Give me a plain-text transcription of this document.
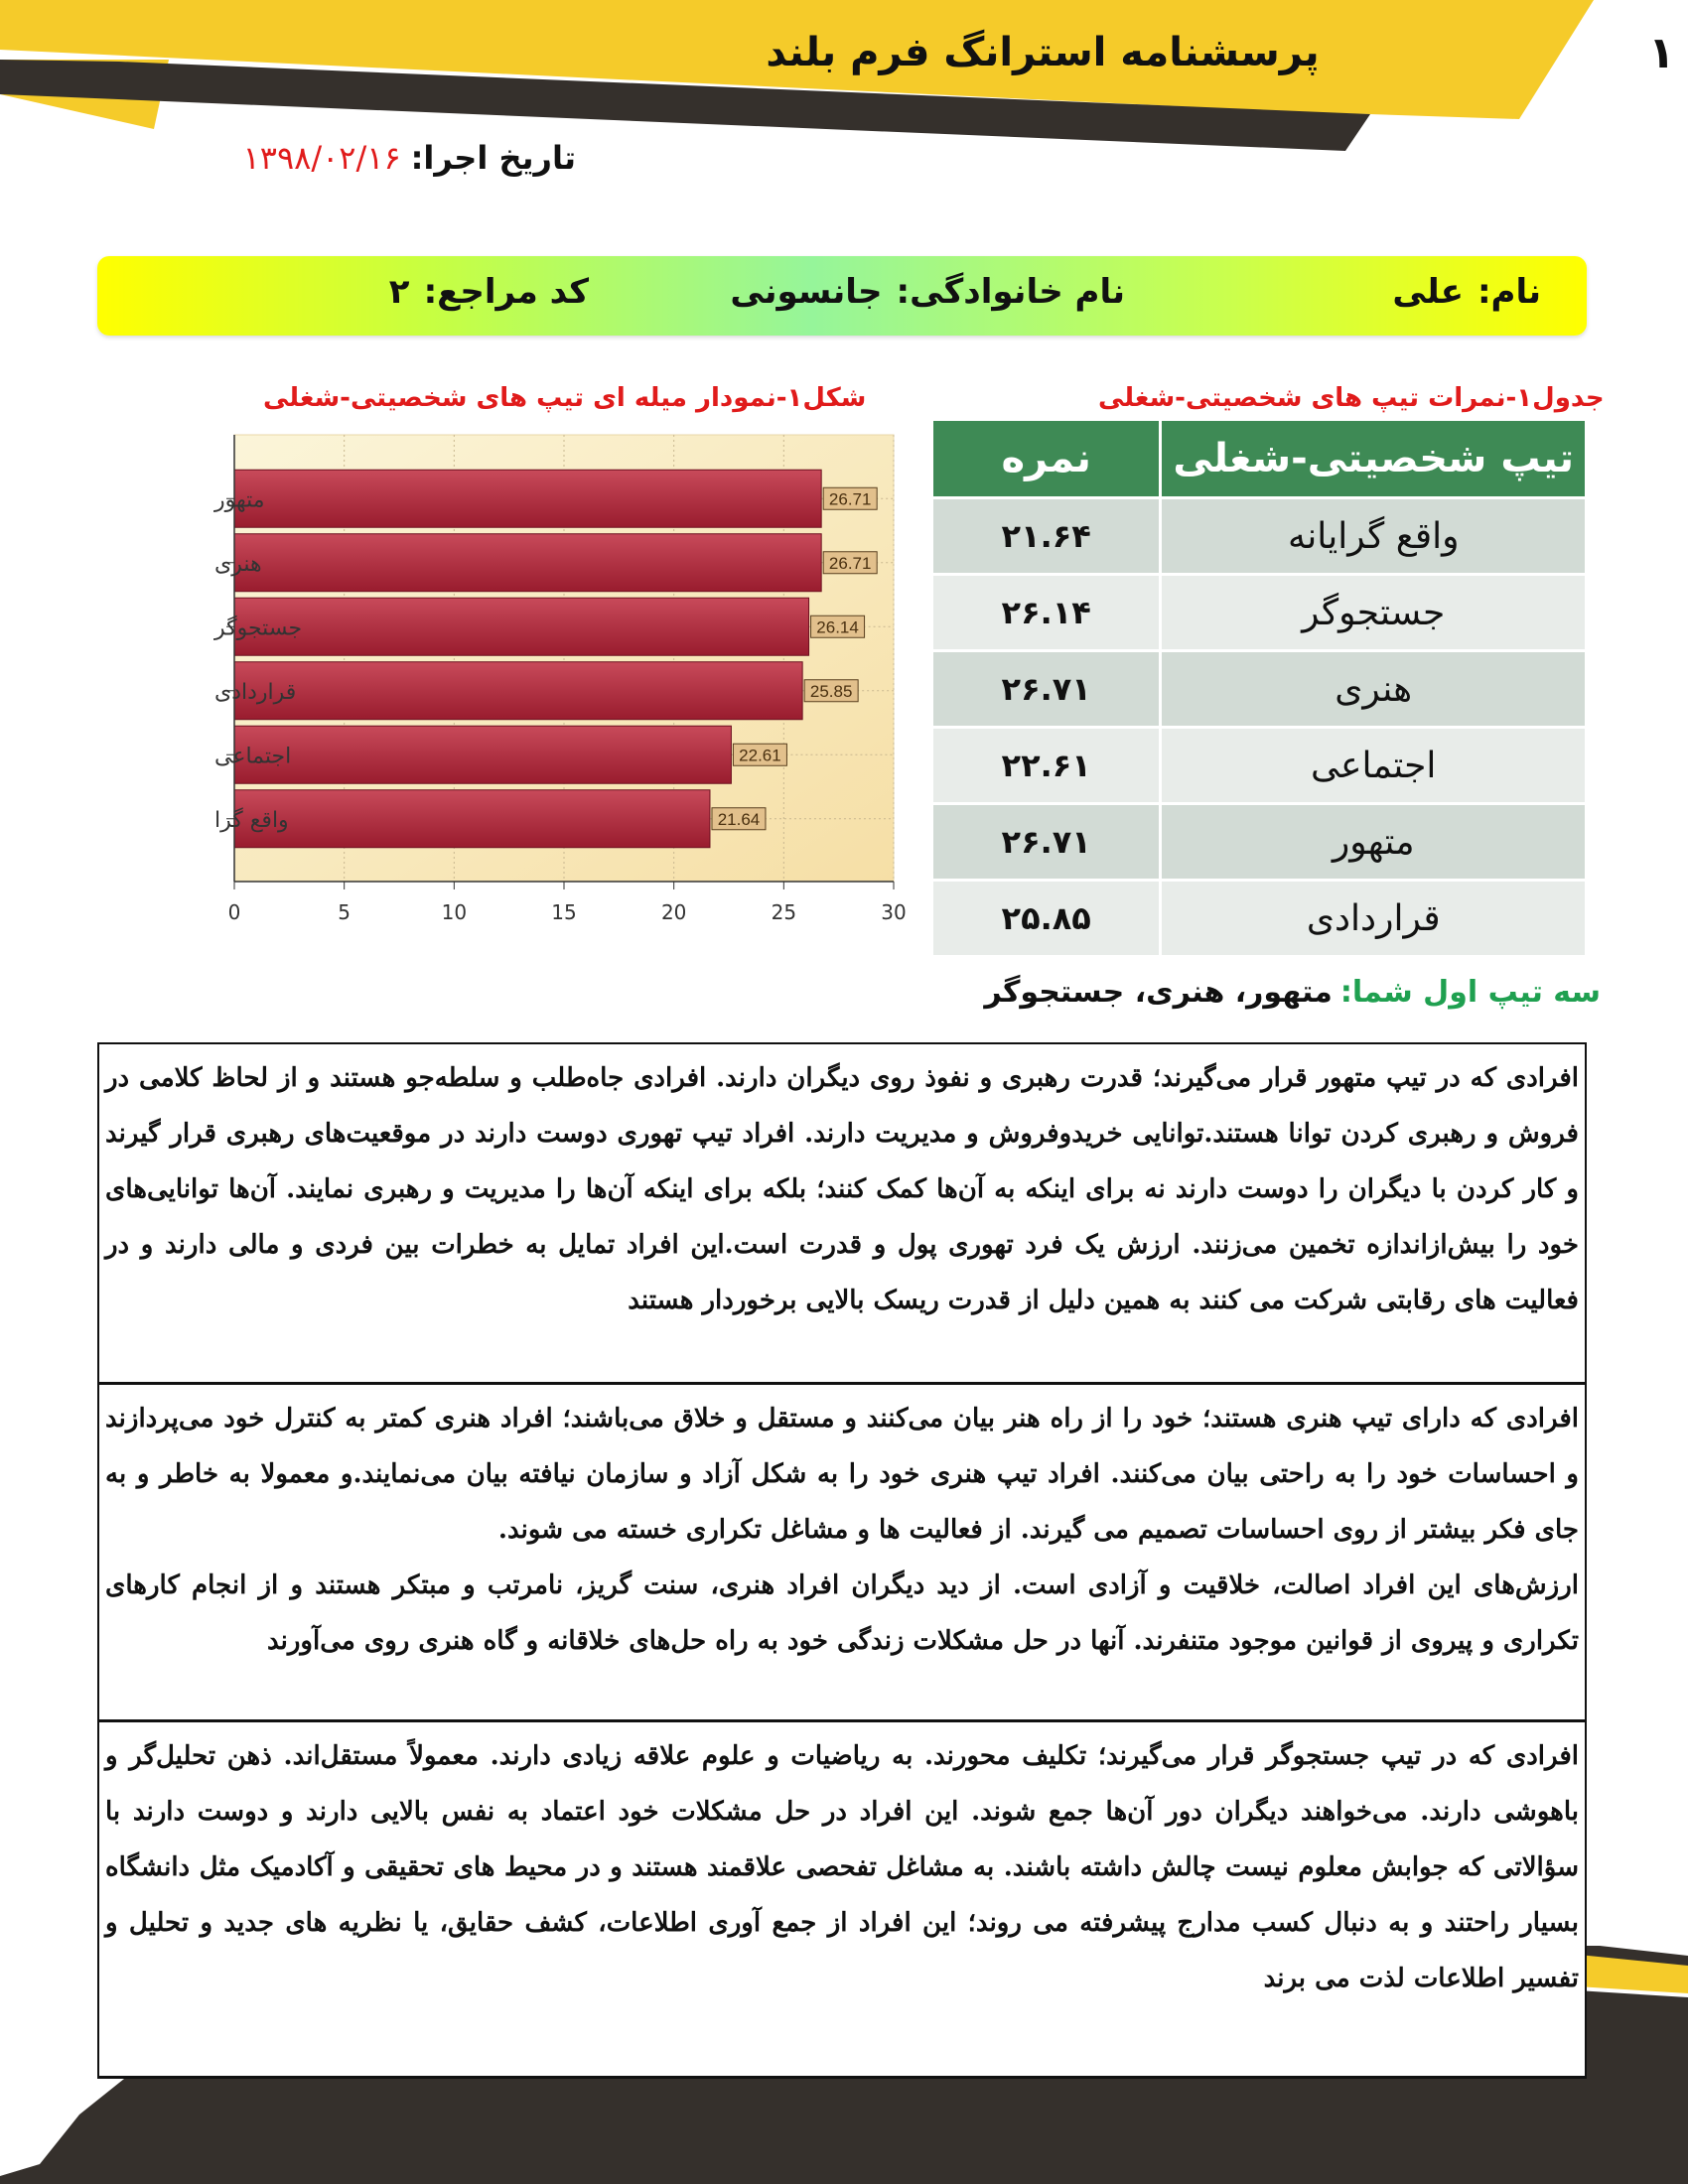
۱
پرسشنامه استرانگ فرم بلند
تاریخ اجرا:۱۳۹۸/۰۲/۱۶
نام:علی
نام خانوادگی:جانسونی
کد مراجع:۲
شکل۱-نمودار میله ای تیپ های شخصیتی-شغلی
26.71
26.71
26.14
25.85
22.61
21.64
0	5	10	15	20	25	30
متهور
هنری
جستجوگر
قراردادی
اجتماعی
واقع گرا
جدول۱-نمرات تیپ های شخصیتی-شغلی
تیپ شخصیتی-شغلی	نمره
واقع گرایانه	۲۱.۶۴
جستجوگر	۲۶.۱۴
هنری	۲۶.۷۱
اجتماعی	۲۲.۶۱
متهور	۲۶.۷۱
قراردادی	۲۵.۸۵
سه تیپ اول شما:متهور، هنری، جستجوگر
افرادی که در تیپ متهور قرار می‌گیرند؛ قدرت رهبری و نفوذ روی دیگران دارند. افرادی جاه‌طلب و سلطه‌جو هستند و از لحاظ کلامی در فروش و رهبری کردن توانا هستند.توانایی خریدوفروش و مدیریت دارند. افراد تیپ تهوری دوست دارند در موقعیت‌های رهبری قرار گیرند و کار کردن با دیگران را دوست دارند نه برای اینکه به آن‌ها کمک کنند؛ بلکه برای اینکه آن‌ها را مدیریت و رهبری نمایند. آن‌ها توانایی‌های خود را بیش‌ازاندازه تخمین می‌زنند. ارزش یک فرد تهوری پول و قدرت است.این افراد تمایل به خطرات بین فردی و مالی دارند و در فعالیت های رقابتی شرکت می کنند به همین دلیل از قدرت ریسک بالایی برخوردار هستند
افرادی که دارای تیپ هنری هستند؛ خود را از راه هنر بیان می‌کنند و مستقل و خلاق می‌باشند؛ افراد هنری کمتر به کنترل خود می‌پردازند و احساسات خود را به راحتی بیان می‌کنند. افراد تیپ هنری خود را به شکل آزاد و سازمان نیافته بیان می‌نمایند.و معمولا به خاطر و به جای فکر بیشتر از روی احساسات تصمیم می گیرند. از فعالیت ها و مشاغل تکراری خسته می شوند.
ارزش‌های این افراد اصالت، خلاقیت و آزادی است. از دید دیگران افراد هنری، سنت گریز، نامرتب و مبتکر هستند و از انجام کارهای تکراری و پیروی از قوانین موجود متنفرند. آنها در حل مشکلات زندگی خود به راه حل‌های خلاقانه و گاه هنری روی می‌آورند
افرادی که در تیپ جستجوگر قرار می‌گیرند؛ تکلیف محورند. به ریاضیات و علوم علاقه زیادی دارند. معمولاً مستقل‌اند. ذهن تحلیل‌گر و باهوشی دارند. می‌خواهند دیگران دور آن‌ها جمع شوند. این افراد در حل مشکلات خود اعتماد به نفس بالایی دارند و دوست دارند با سؤالاتی که جوابش معلوم نیست چالش داشته باشند. به مشاغل تفحصی علاقمند هستند و در محیط های تحقیقی و آکادمیک مثل دانشگاه بسیار راحتند و به دنبال کسب مدارج پیشرفته می روند؛ این افراد از جمع آوری اطلاعات، کشف حقایق، یا نظریه های جدید و تحلیل و تفسیر اطلاعات لذت می برند
